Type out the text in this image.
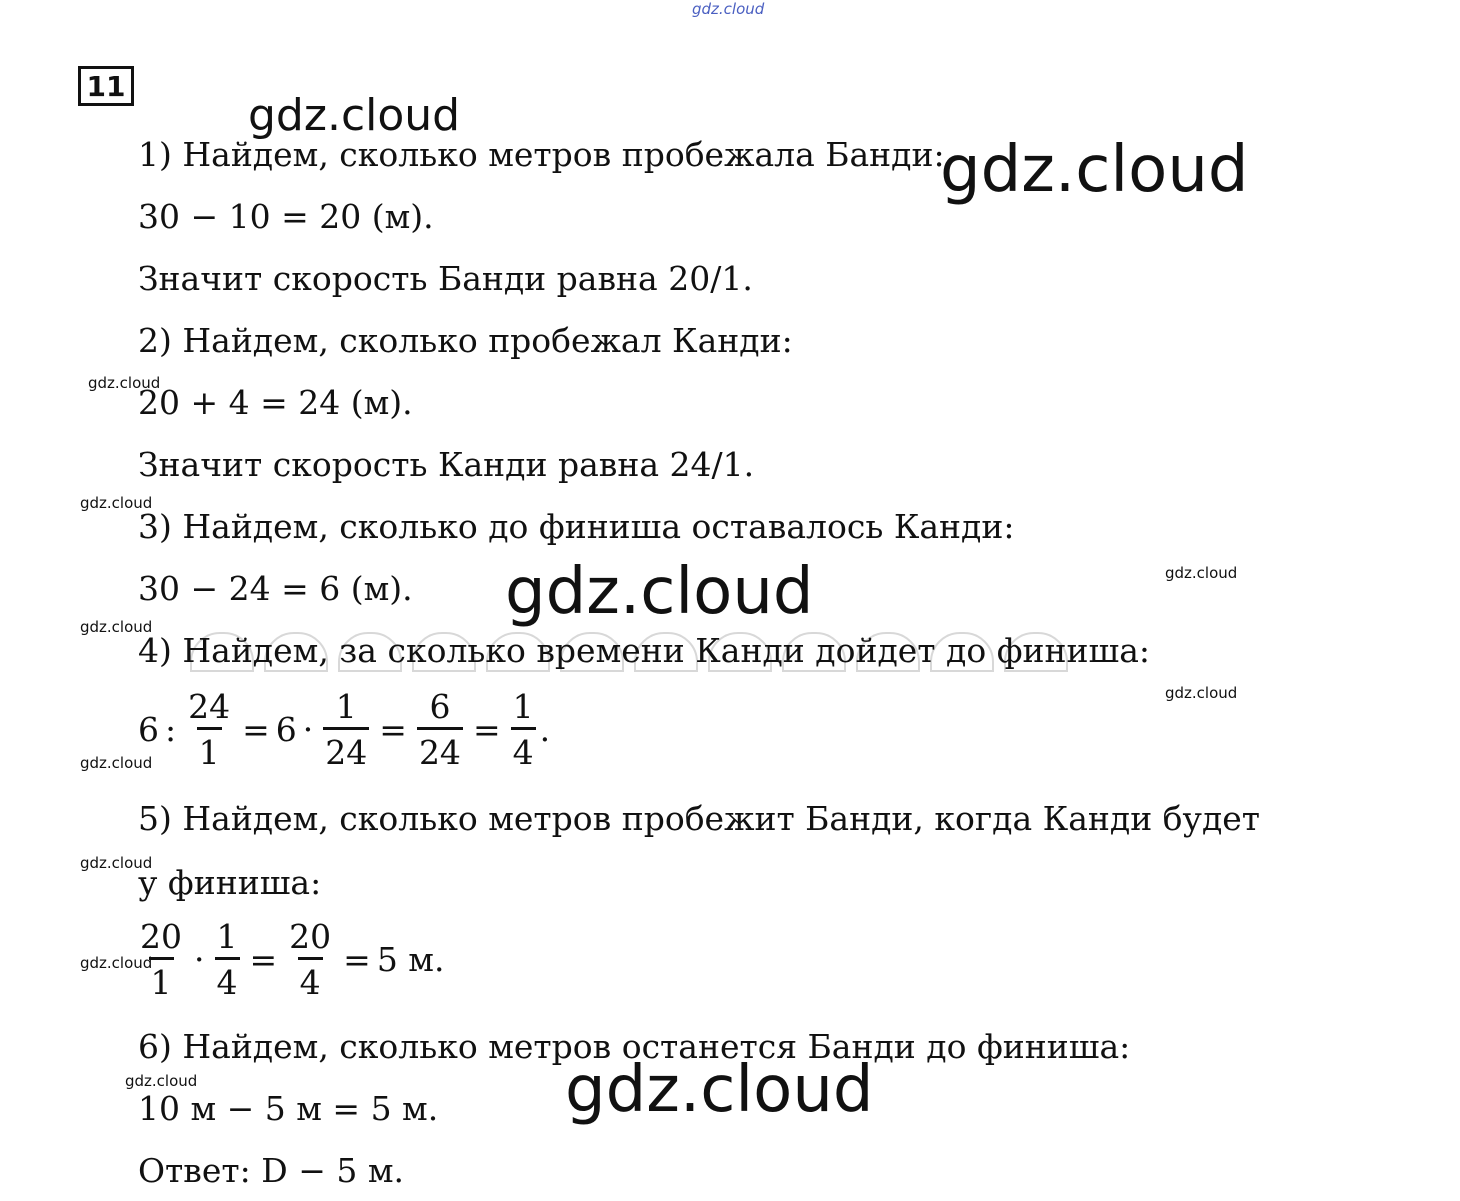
gdz.cloud
11
gdz.cloud
gdz.cloud
gdz.cloud
gdz.cloud
gdz.cloud
gdz.cloud
gdz.cloud
gdz.cloud
gdz.cloud
gdz.cloud
gdz.cloud
gdz.cloud
gdz.cloud
1) Найдем, сколько метров пробежала Банди:
30 − 10 = 20 (м).
Значит скорость Банди равна 20/1.
2) Найдем, сколько пробежал Канди:
20 + 4 = 24 (м).
Значит скорость Канди равна 24/1.
3) Найдем, сколько до финиша оставалось Канди:
30 − 24 = 6 (м).
4) Найдем, за сколько времени Канди дойдет до финиша:
6 : $\frac{24}{1} = 6 \cdot \frac{1}{24} = \frac{6}{24} = \frac{1}{4}$ .
5) Найдем, сколько метров пробежит Банди, когда Канди будет
у финиша:
$\frac{20}{1} \cdot \frac{1}{4} = \frac{20}{4} = 5$ м.
6) Найдем, сколько метров останется Банди до финиша:
10 м − 5 м = 5 м.
Ответ: D − 5 м.
